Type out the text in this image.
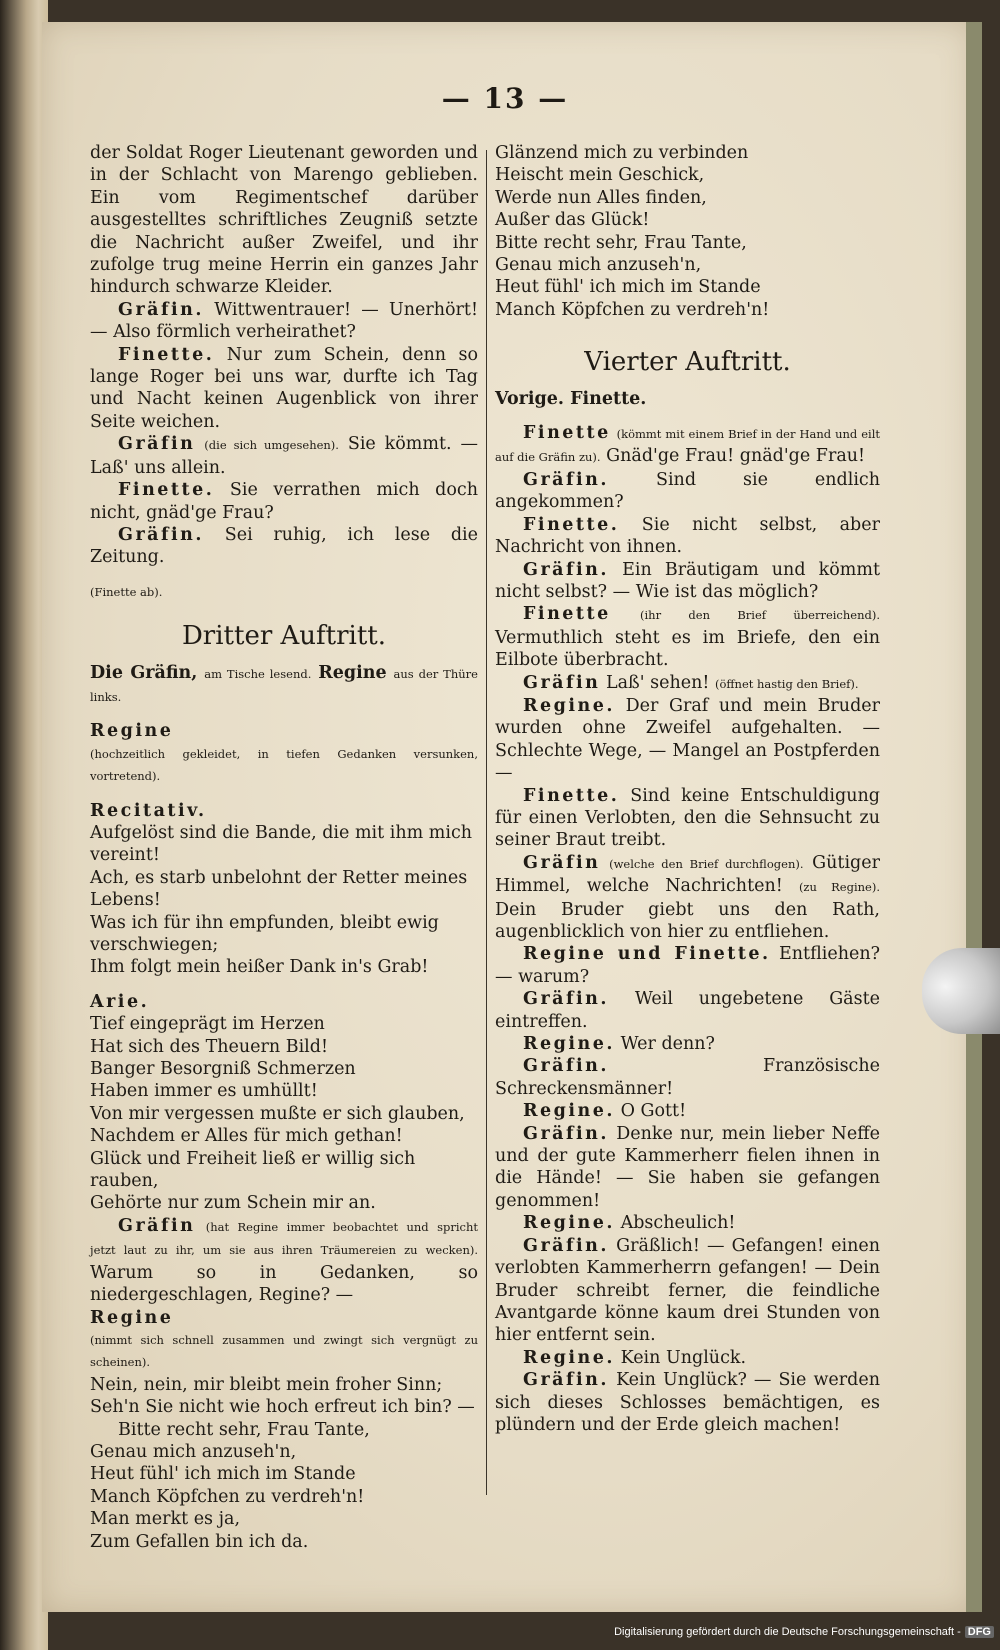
— 13 —

der Soldat Roger Lieutenant geworden und in der Schlacht von Marengo geblieben. Ein vom Regimentschef darüber ausgestelltes schriftliches Zeugniß setzte die Nachricht außer Zweifel, und ihr zufolge trug meine Herrin ein ganzes Jahr hindurch schwarze Kleider.

Gräfin. Wittwentrauer! — Unerhört! — Also förmlich verheirathet?

Finette. Nur zum Schein, denn so lange Roger bei uns war, durfte ich Tag und Nacht keinen Augenblick von ihrer Seite weichen.

Gräfin (die sich umgesehen). Sie kömmt. — Laß' uns allein.

Finette. Sie verrathen mich doch nicht, gnäd'ge Frau?

Gräfin. Sei ruhig, ich lese die Zeitung.

(Finette ab).

Dritter Auftritt.

Die Gräfin, am Tische lesend. Regine aus der Thüre links.

Regine

(hochzeitlich gekleidet, in tiefen Gedanken versunken, vortretend).

Recitativ.

Aufgelöst sind die Bande, die mit ihm mich

vereint!

Ach, es starb unbelohnt der Retter meines

Lebens!

Was ich für ihn empfunden, bleibt ewig

verschwiegen;

Ihm folgt mein heißer Dank in's Grab!

Arie.

Tief eingeprägt im Herzen

Hat sich des Theuern Bild!

Banger Besorgniß Schmerzen

Haben immer es umhüllt!

Von mir vergessen mußte er sich glauben,

Nachdem er Alles für mich gethan!

Glück und Freiheit ließ er willig sich rauben,

Gehörte nur zum Schein mir an.

Gräfin (hat Regine immer beobachtet und spricht jetzt laut zu ihr, um sie aus ihren Träumereien zu wecken). Warum so in Gedanken, so niedergeschlagen, Regine? —

Regine

(nimmt sich schnell zusammen und zwingt sich vergnügt zu scheinen).

Nein, nein, mir bleibt mein froher Sinn;

Seh'n Sie nicht wie hoch erfreut ich bin? —

Bitte recht sehr, Frau Tante,

Genau mich anzuseh'n,

Heut fühl' ich mich im Stande

Manch Köpfchen zu verdreh'n!

Man merkt es ja,

Zum Gefallen bin ich da.

Glänzend mich zu verbinden

Heischt mein Geschick,

Werde nun Alles finden,

Außer das Glück!

Bitte recht sehr, Frau Tante,

Genau mich anzuseh'n,

Heut fühl' ich mich im Stande

Manch Köpfchen zu verdreh'n!

Vierter Auftritt.

Vorige. Finette.

Finette (kömmt mit einem Brief in der Hand und eilt auf die Gräfin zu). Gnäd'ge Frau! gnäd'ge Frau!

Gräfin.	Sind sie endlich angekommen?

Finette. Sie nicht selbst, aber Nachricht von ihnen.

Gräfin. Ein Bräutigam und kömmt nicht selbst? — Wie ist das möglich?

Finette	(ihr den Brief überreichend). Vermuthlich steht es im Briefe, den ein Eilbote überbracht.

Gräfin Laß' sehen! (öffnet hastig den Brief).

Regine. Der Graf und mein Bruder wurden ohne Zweifel aufgehalten. — Schlechte Wege, — Mangel an Postpferden —

Finette. Sind keine Entschuldigung für einen Verlobten, den die Sehnsucht zu seiner Braut treibt.

Gräfin (welche den Brief durchflogen). Gütiger Himmel, welche Nachrichten! (zu Regine). Dein Bruder giebt uns den Rath, augenblicklich von hier zu entfliehen.

Regine und Finette. Entfliehen? — warum?

Gräfin. Weil ungebetene Gäste eintreffen.

Regine. Wer denn?

Gräfin.	Französische Schreckensmänner!

Regine. O Gott!

Gräfin. Denke nur, mein lieber Neffe und der gute Kammerherr fielen ihnen in die Hände! — Sie haben sie gefangen genommen!

Regine. Abscheulich!

Gräfin. Gräßlich! — Gefangen! einen verlobten Kammerherrn gefangen! — Dein Bruder schreibt ferner, die feindliche Avantgarde könne kaum drei Stunden von hier entfernt sein.

Regine. Kein Unglück.

Gräfin. Kein Unglück? — Sie werden sich dieses Schlosses bemächtigen, es plündern und der Erde gleich machen!

Digitalisierung gefördert durch die Deutsche Forschungsgemeinschaft - DFG
